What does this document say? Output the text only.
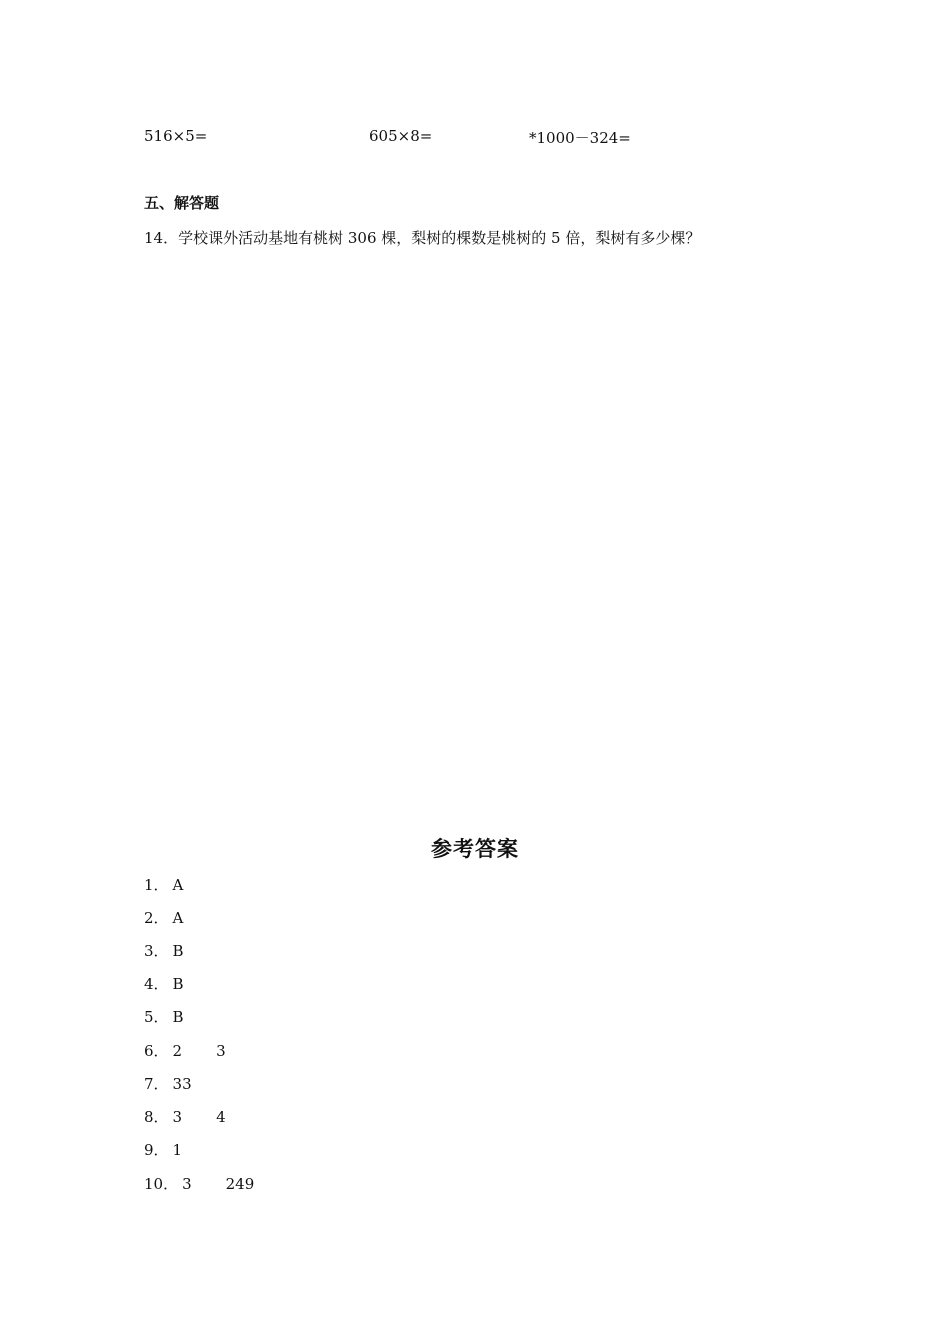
516×5=	605×8=	*1000－324=
五、解答题
14．学校课外活动基地有桃树 306 棵，梨树的棵数是桃树的 5 倍，梨树有多少棵？
参考答案
1． A
2． A
3． B
4． B
5． B
6． 2 3
7． 33
8． 3 4
9． 1
10． 3 249
